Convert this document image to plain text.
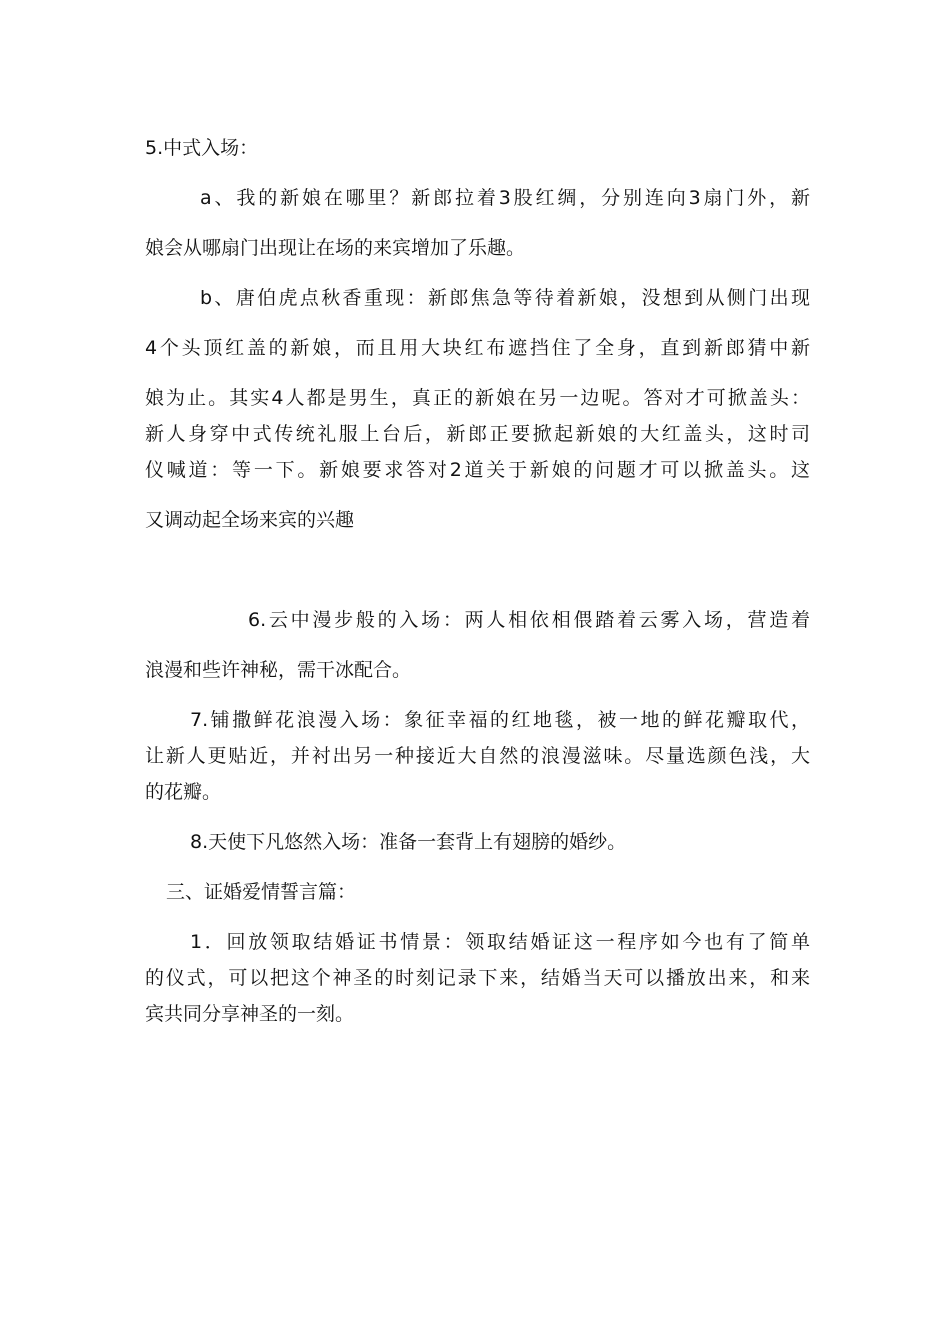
5.中式入场：
a、我的新娘在哪里？新郎拉着3股红绸，分别连向3扇门外，新
娘会从哪扇门出现让在场的来宾增加了乐趣。
b、唐伯虎点秋香重现：新郎焦急等待着新娘，没想到从侧门出现
4个头顶红盖的新娘，而且用大块红布遮挡住了全身，直到新郎猜中新
娘为止。其实4人都是男生，真正的新娘在另一边呢。答对才可掀盖头：
新人身穿中式传统礼服上台后，新郎正要掀起新娘的大红盖头，这时司
仪喊道：等一下。新娘要求答对2道关于新娘的问题才可以掀盖头。这
又调动起全场来宾的兴趣
6.云中漫步般的入场：两人相依相偎踏着云雾入场，营造着
浪漫和些许神秘，需干冰配合。
7.铺撒鲜花浪漫入场：象征幸福的红地毯，被一地的鲜花瓣取代，
让新人更贴近，并衬出另一种接近大自然的浪漫滋味。尽量选颜色浅，大
的花瓣。
8.天使下凡悠然入场：准备一套背上有翅膀的婚纱。
三、证婚爱情誓言篇：
1．回放领取结婚证书情景：领取结婚证这一程序如今也有了简单
的仪式，可以把这个神圣的时刻记录下来，结婚当天可以播放出来，和来
宾共同分享神圣的一刻。
